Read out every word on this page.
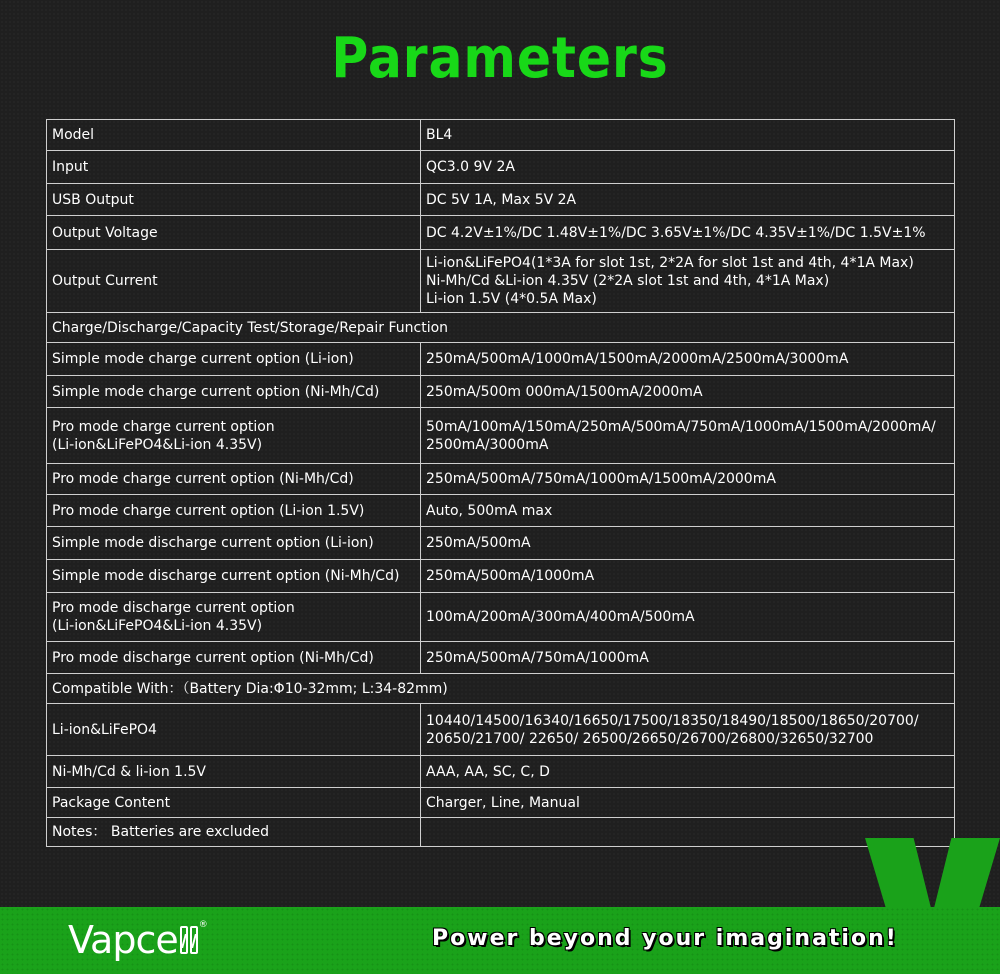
Parameters
Model	BL4
Input	QC3.0 9V 2A
USB Output	DC 5V 1A, Max 5V 2A
Output Voltage	DC 4.2V±1%/DC 1.48V±1%/DC 3.65V±1%/DC 4.35V±1%/DC 1.5V±1%
Output Current	Li-ion&LiFePO4(1*3A for slot 1st, 2*2A for slot 1st and 4th, 4*1A Max)
Ni-Mh/Cd &Li-ion 4.35V (2*2A slot 1st and 4th, 4*1A Max)
Li-ion 1.5V (4*0.5A Max)
Charge/Discharge/Capacity Test/Storage/Repair Function	
Simple mode charge current option (Li-ion)	250mA/500mA/1000mA/1500mA/2000mA/2500mA/3000mA
Simple mode charge current option (Ni-Mh/Cd)	250mA/500m 000mA/1500mA/2000mA
Pro mode charge current option
(Li-ion&LiFePO4&Li-ion 4.35V)	50mA/100mA/150mA/250mA/500mA/750mA/1000mA/1500mA/2000mA/
2500mA/3000mA
Pro mode charge current option (Ni-Mh/Cd)	250mA/500mA/750mA/1000mA/1500mA/2000mA
Pro mode charge current option (Li-ion 1.5V)	Auto, 500mA max
Simple mode discharge current option (Li-ion)	250mA/500mA
Simple mode discharge current option (Ni-Mh/Cd)	250mA/500mA/1000mA
Pro mode discharge current option
(Li-ion&LiFePO4&Li-ion 4.35V)	100mA/200mA/300mA/400mA/500mA
Pro mode discharge current option (Ni-Mh/Cd)	250mA/500mA/750mA/1000mA
Compatible With：（Battery Dia:Φ10-32mm; L:34-82mm)	
Li-ion&LiFePO4	10440/14500/16340/16650/17500/18350/18490/18500/18650/20700/
20650/21700/ 22650/ 26500/26650/26700/26800/32650/32700
Ni-Mh/Cd & li-ion 1.5V	AAA, AA, SC, C, D
Package Content	Charger, Line, Manual
Notes： Batteries are excluded	
Vapce ®
Power beyond your imagination!
